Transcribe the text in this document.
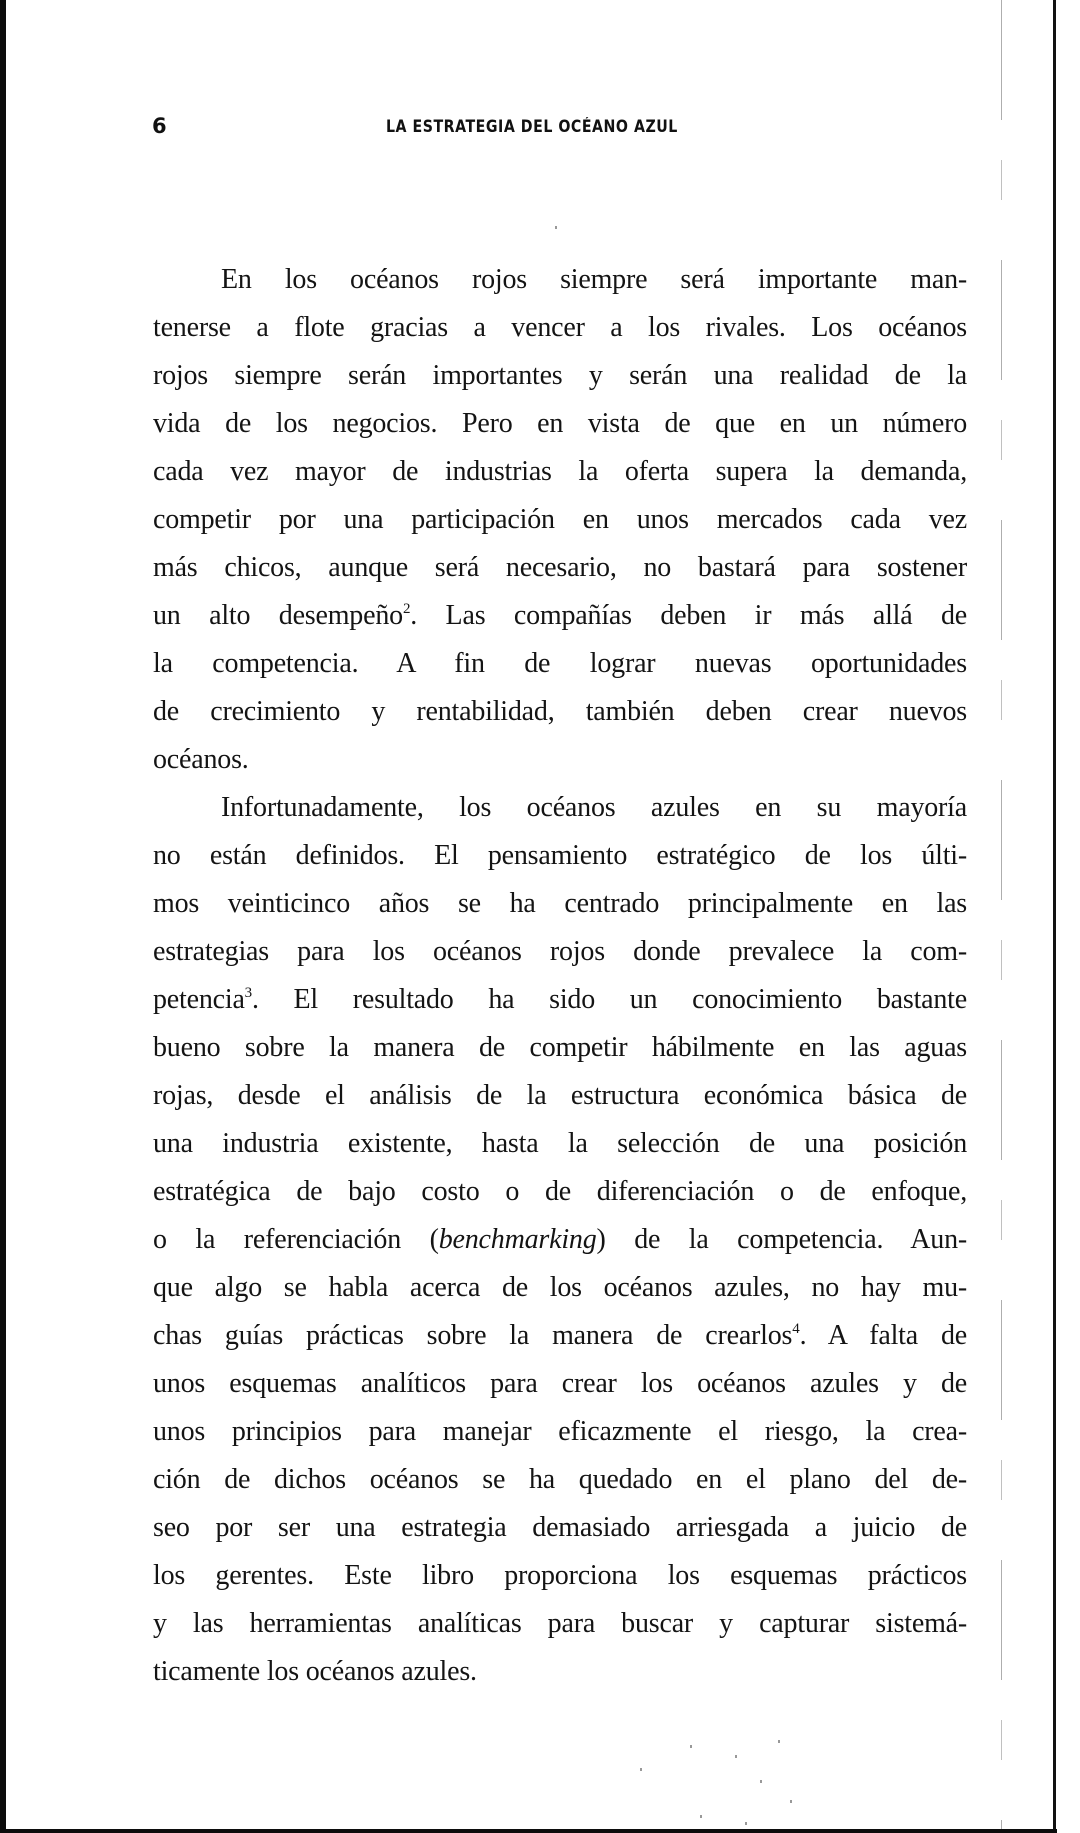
6	LA ESTRATEGIA DEL OCÉANO AZUL
En los océanos rojos siempre será importante man-
tenerse a flote gracias a vencer a los rivales. Los océanos
rojos siempre serán importantes y serán una realidad de la
vida de los negocios. Pero en vista de que en un número
cada vez mayor de industrias la oferta supera la demanda,
competir por una participación en unos mercados cada vez
más chicos, aunque será necesario, no bastará para sostener
un alto desempeño$^2$. Las compañías deben ir más allá de
la competencia. A fin de lograr nuevas oportunidades
de crecimiento y rentabilidad, también deben crear nuevos
océanos.
Infortunadamente, los océanos azules en su mayoría
no están definidos. El pensamiento estratégico de los últi-
mos veinticinco años se ha centrado principalmente en las
estrategias para los océanos rojos donde prevalece la com-
petencia$^3$. El resultado ha sido un conocimiento bastante
bueno sobre la manera de competir hábilmente en las aguas
rojas, desde el análisis de la estructura económica básica de
una industria existente, hasta la selección de una posición
estratégica de bajo costo o de diferenciación o de enfoque,
o la referenciación (benchmarking) de la competencia. Aun-
que algo se habla acerca de los océanos azules, no hay mu-
chas guías prácticas sobre la manera de crearlos$^4$. A falta de
unos esquemas analíticos para crear los océanos azules y de
unos principios para manejar eficazmente el riesgo, la crea-
ción de dichos océanos se ha quedado en el plano del de-
seo por ser una estrategia demasiado arriesgada a juicio de
los gerentes. Este libro proporciona los esquemas prácticos
y las herramientas analíticas para buscar y capturar sistemá-
ticamente los océanos azules.
